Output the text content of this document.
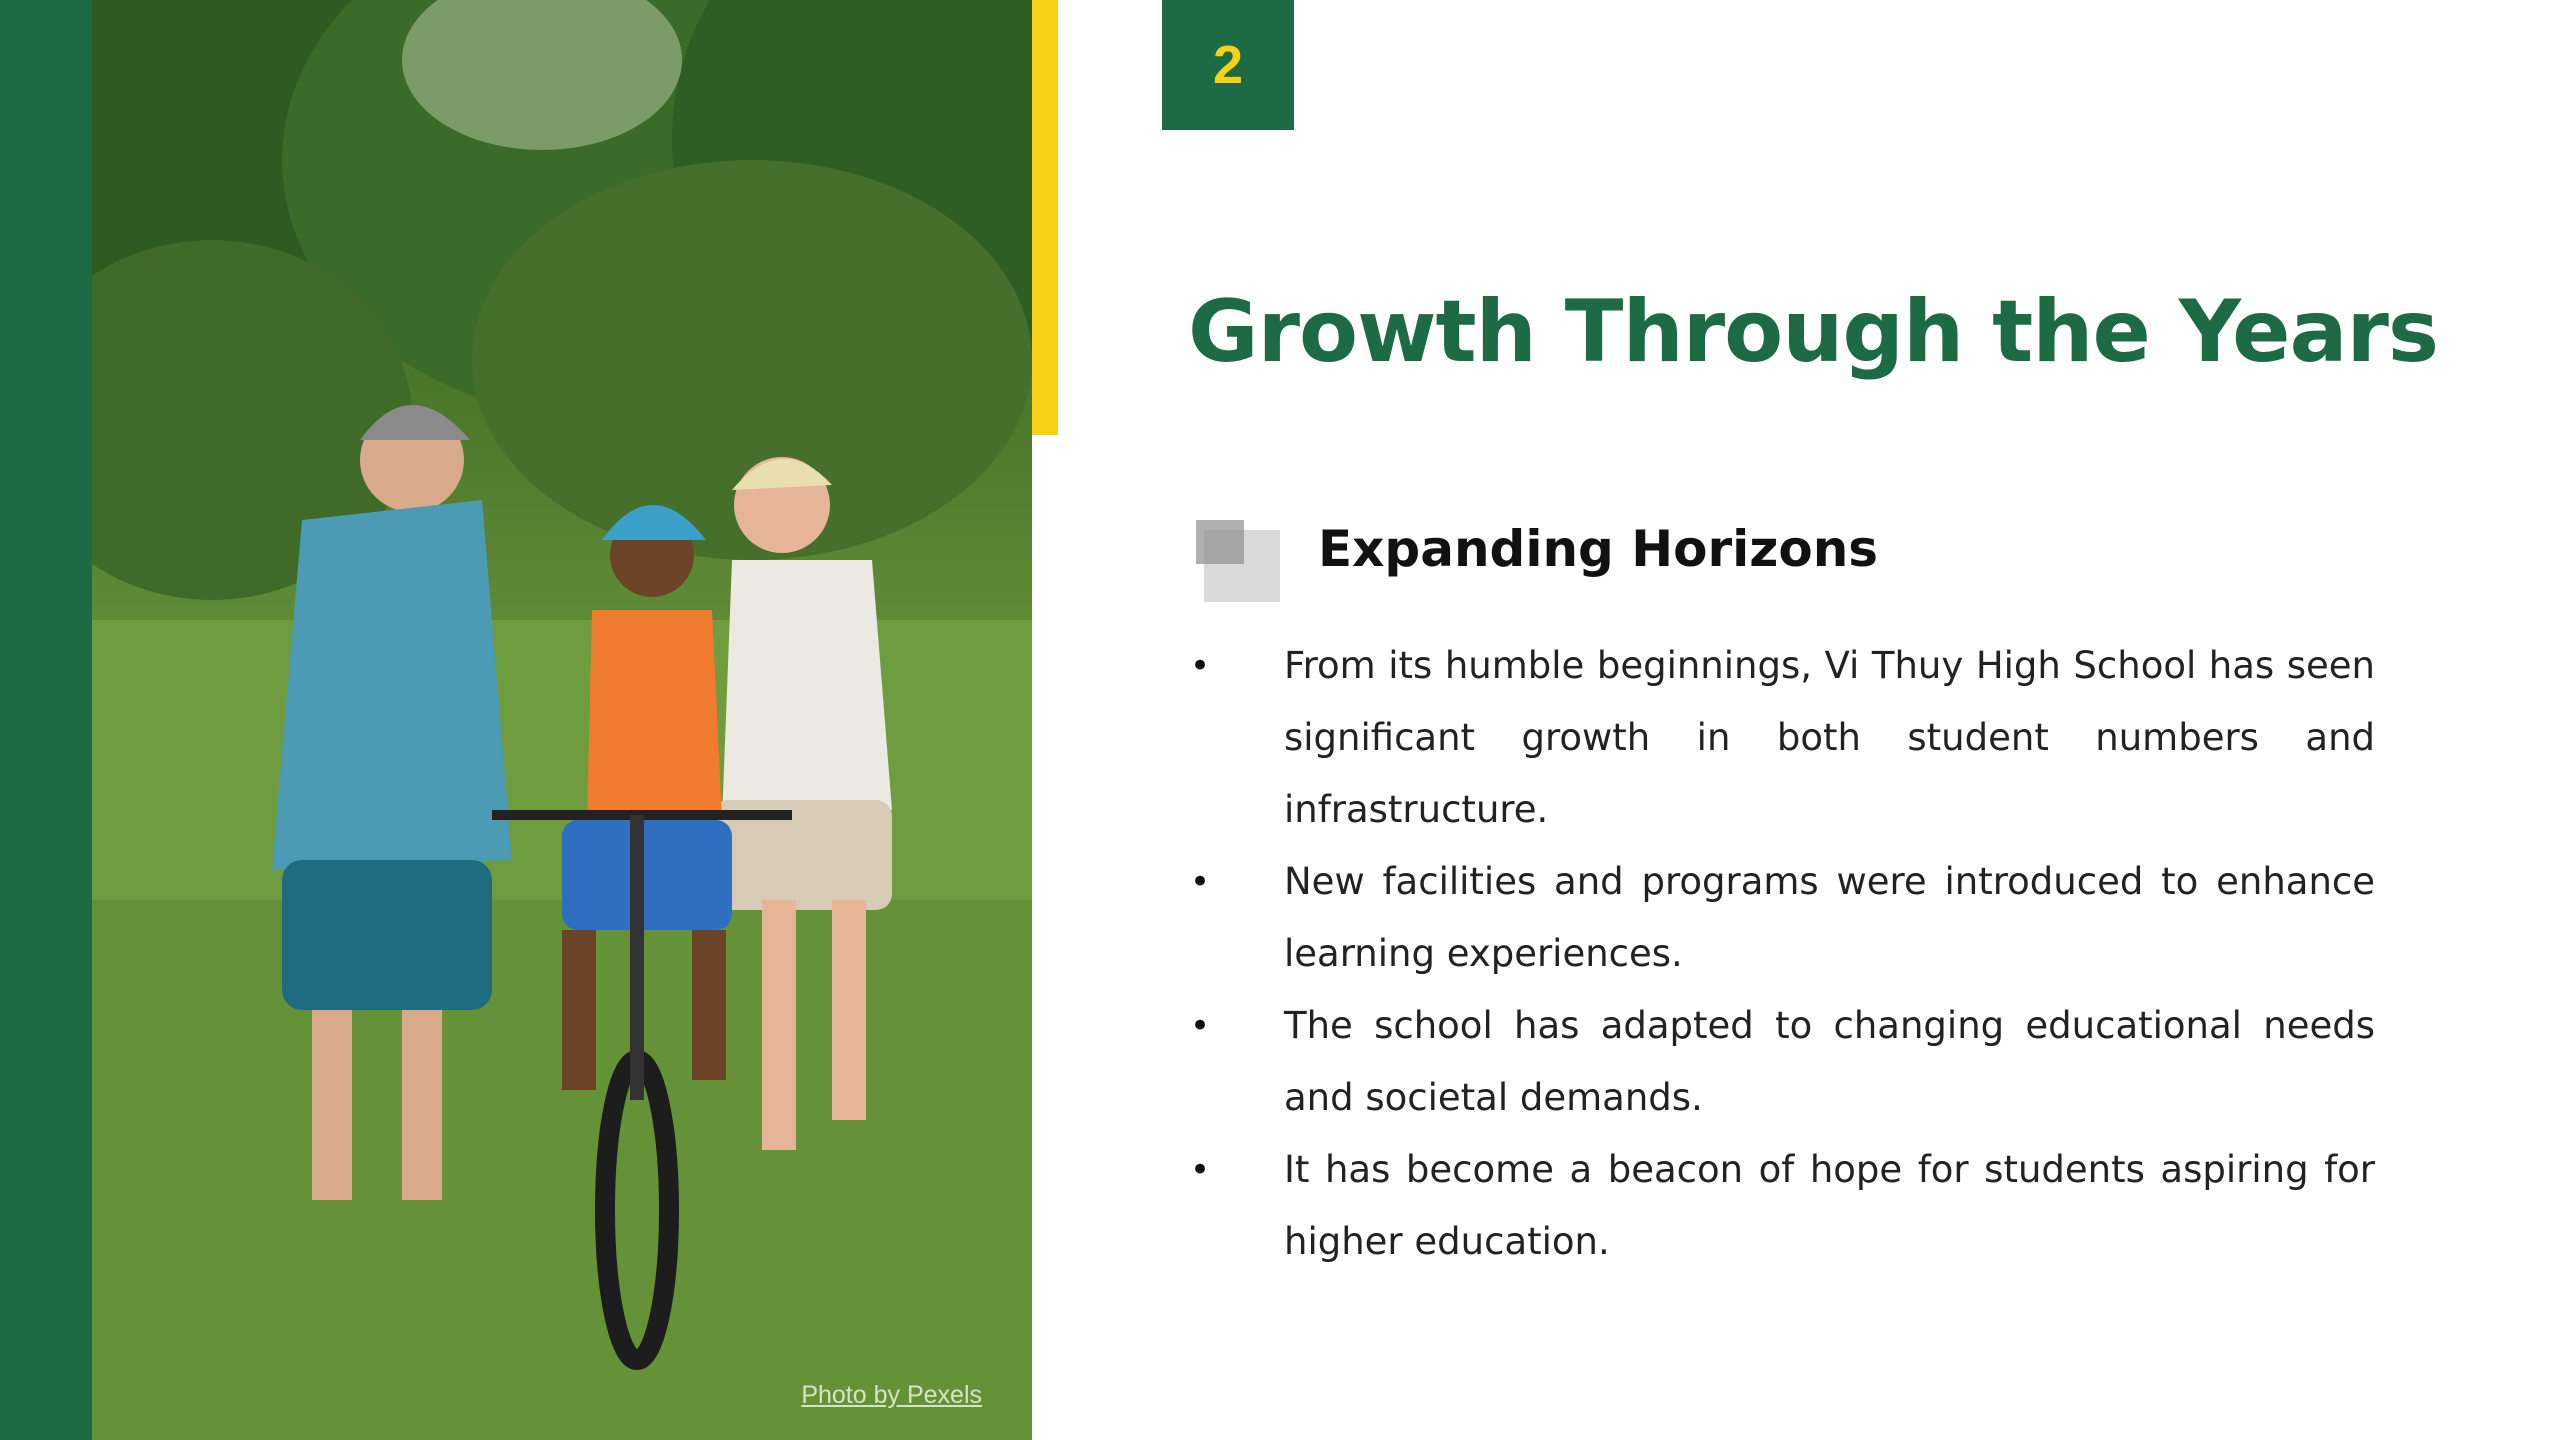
Photo by Pexels
2
Growth Through the Years
Expanding Horizons
• From its humble beginnings, Vi Thuy High School has seen significant growth in both student numbers and infrastructure.
• New facilities and programs were introduced to enhance learning experiences.
• The school has adapted to changing educational needs and societal demands.
• It has become a beacon of hope for students aspiring for higher education.
